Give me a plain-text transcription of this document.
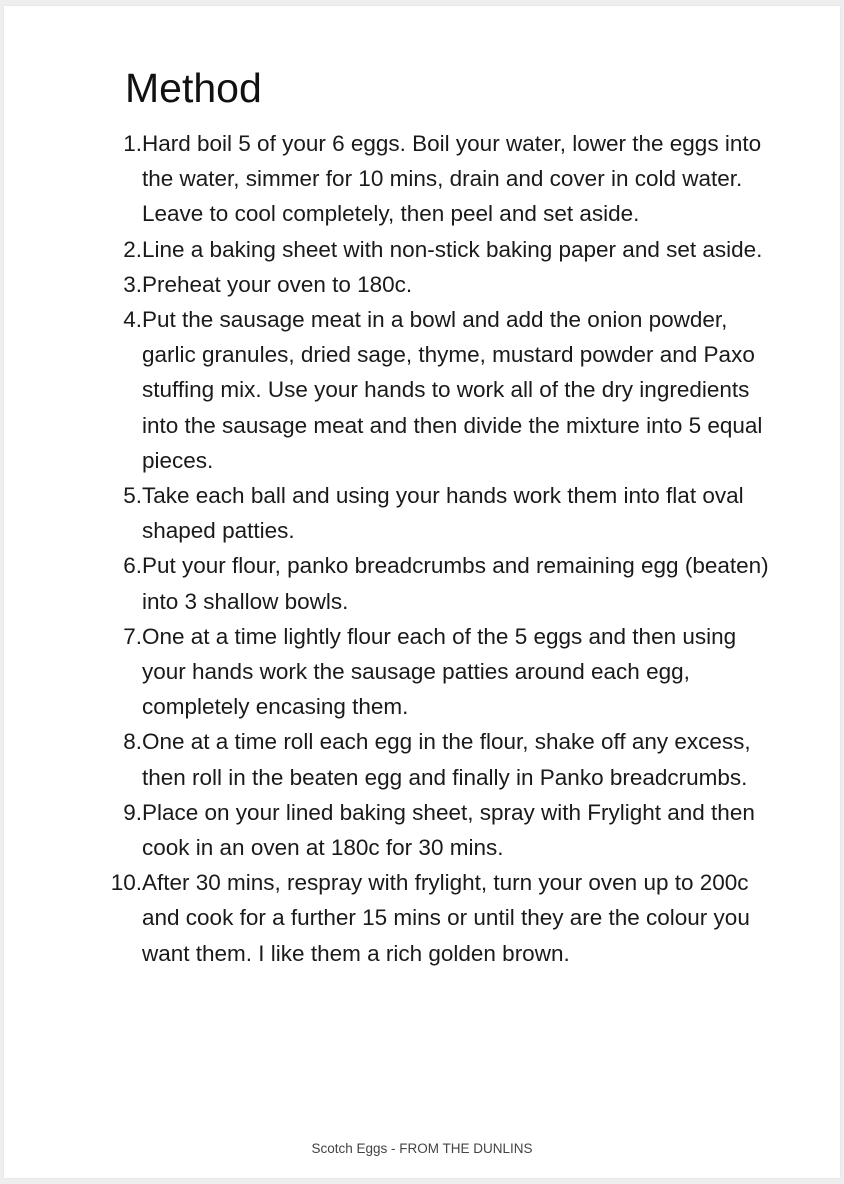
Method
1. Hard boil 5 of your 6 eggs. Boil your water, lower the eggs into the water, simmer for 10 mins, drain and cover in cold water. Leave to cool completely, then peel and set aside.
2. Line a baking sheet with non-stick baking paper and set aside.
3. Preheat your oven to 180c.
4. Put the sausage meat in a bowl and add the onion powder, garlic granules, dried sage, thyme, mustard powder and Paxo stuffing mix. Use your hands to work all of the dry ingredients into the sausage meat and then divide the mixture into 5 equal pieces.
5. Take each ball and using your hands work them into flat oval shaped patties.
6. Put your flour, panko breadcrumbs and remaining egg (beaten) into 3 shallow bowls.
7. One at a time lightly flour each of the 5 eggs and then using your hands work the sausage patties around each egg, completely encasing them.
8. One at a time roll each egg in the flour, shake off any excess, then roll in the beaten egg and finally in Panko breadcrumbs.
9. Place on your lined baking sheet, spray with Frylight and then cook in an oven at 180c for 30 mins.
10. After 30 mins, respray with frylight, turn your oven up to 200c and cook for a further 15 mins or until they are the colour you want them. I like them a rich golden brown.
Scotch Eggs - FROM THE DUNLINS
